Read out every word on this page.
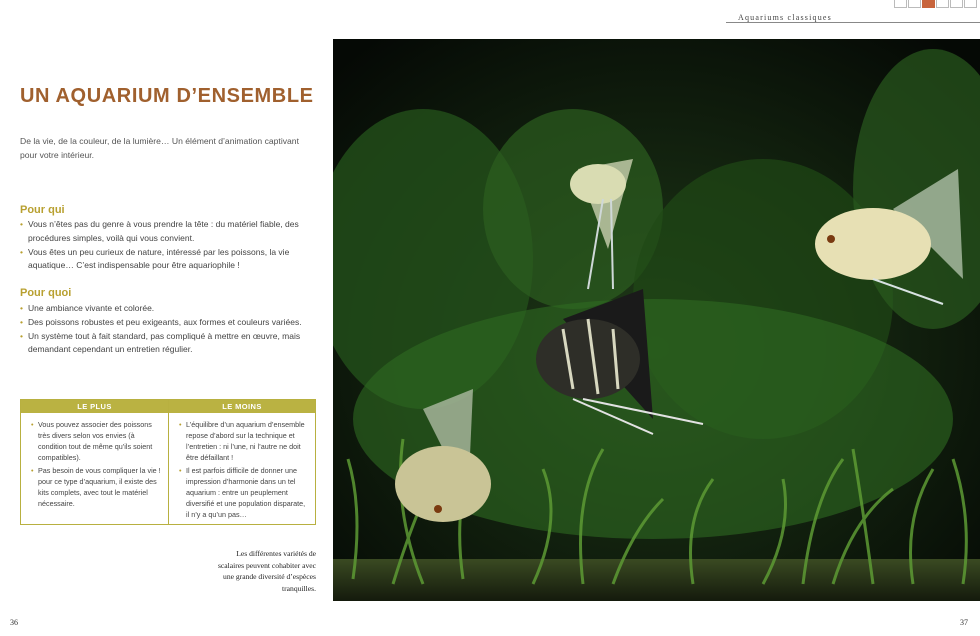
Aquariums classiques
UN AQUARIUM D’ENSEMBLE
De la vie, de la couleur, de la lumière… Un élément d’animation captivant pour votre intérieur.
Pour qui
• Vous n’êtes pas du genre à vous prendre la tête : du matériel fiable, des procédures simples, voilà qui vous convient.
• Vous êtes un peu curieux de nature, intéressé par les poissons, la vie aquatique… C’est indispensable pour être aquariophile !
Pour quoi
• Une ambiance vivante et colorée.
• Des poissons robustes et peu exigeants, aux formes et couleurs variées.
• Un système tout à fait standard, pas compliqué à mettre en œuvre, mais demandant cependant un entretien régulier.
LE PLUS
• Vous pouvez associer des poissons très divers selon vos envies (à condition tout de même qu’ils soient compatibles).
• Pas besoin de vous compliquer la vie ! pour ce type d’aquarium, il existe des kits complets, avec tout le matériel nécessaire.
LE MOINS
• L’équilibre d’un aquarium d’ensemble repose d’abord sur la technique et l’entretien : ni l’une, ni l’autre ne doit être défaillant !
• Il est parfois difficile de donner une impression d’harmonie dans un tel aquarium : entre un peuplement diversifié et une population disparate, il n’y a qu’un pas…
Les différentes variétés de scalaires peuvent cohabiter avec une grande diversité d’espèces tranquilles.
36	37
